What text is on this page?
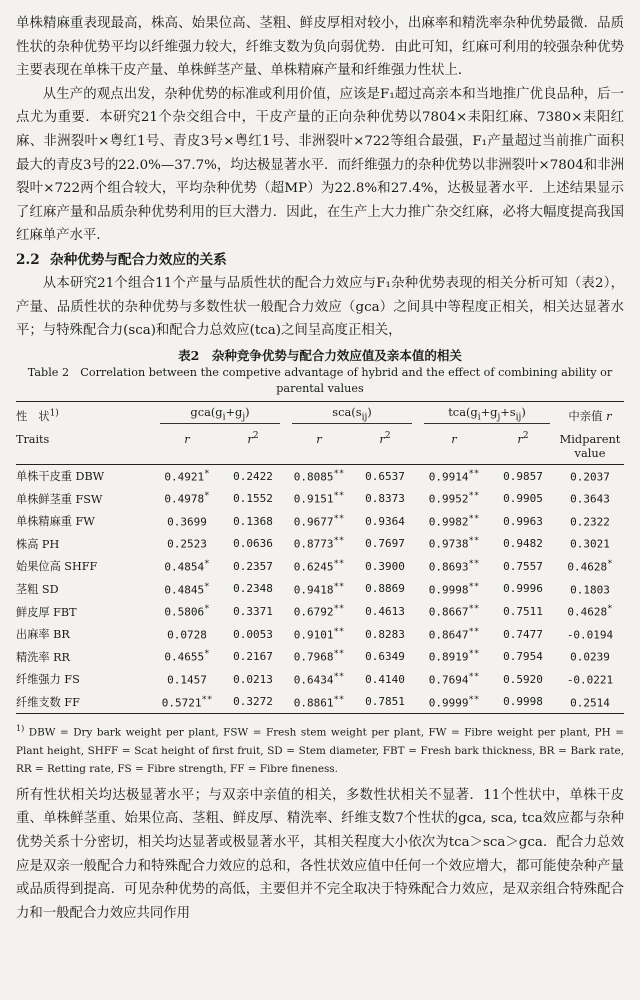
单株精麻重表现最高，株高、始果位高、茎粗、鲜皮厚相对较小，出麻率和精洗率杂种优势最微．品质性状的杂种优势平均以纤维强力较大，纤维支数为负向弱优势．由此可知，红麻可利用的较强杂种优势主要表现在单株干皮产量、单株鲜茎产量、单株精麻产量和纤维强力性状上．

从生产的观点出发，杂种优势的标准或利用价值，应该是F₁超过高亲本和当地推广优良品种，后一点尤为重要．本研究21个杂交组合中，干皮产量的正向杂种优势以7804×耒阳红麻、7380×耒阳红麻、非洲裂叶×粤红1号、青皮3号×粤红1号、非洲裂叶×722等组合最强，F₁产量超过当前推广面积最大的青皮3号的22.0%—37.7%，均达极显著水平．而纤维强力的杂种优势以非洲裂叶×7804和非洲裂叶×722两个组合较大，平均杂种优势（超MP）为22.8%和27.4%，达极显著水平．上述结果显示了红麻产量和品质杂种优势利用的巨大潜力．因此，在生产上大力推广杂交红麻，必将大幅度提高我国红麻单产水平．

2.2 杂种优势与配合力效应的关系

从本研究21个组合11个产量与品质性状的配合力效应与F₁杂种优势表现的相关分析可知（表2），产量、品质性状的杂种优势与多数性状一般配合力效应（gca）之间具中等程度正相关，相关达显著水平；与特殊配合力(sca)和配合力总效应(tca)之间呈高度正相关，

表2　杂种竞争优势与配合力效应值及亲本值的相关
Table 2　Correlation between the competive advantage of hybrid and the effect of combining ability or parental values
性　状$^{1)}$	$gca(g_i+g_j)$		$sca(s_{ij})$		$tca(g_i+g_j+s_{ij})$		中亲值 r
Traits	r	$r^2$	r	$r^2$	r	$r^2$	Midparent
							value
单株干皮重 DBW	0.4921*	0.2422	0.8085**	0.6537	0.9914**	0.9857	0.2037
单株鲜茎重 FSW	0.4978*	0.1552	0.9151**	0.8373	0.9952**	0.9905	0.3643
单株精麻重 FW	0.3699	0.1368	0.9677**	0.9364	0.9982**	0.9963	0.2322
株高 PH	0.2523	0.0636	0.8773**	0.7697	0.9738**	0.9482	0.3021
始果位高 SHFF	0.4854*	0.2357	0.6245**	0.3900	0.8693**	0.7557	0.4628*
茎粗 SD	0.4845*	0.2348	0.9418**	0.8869	0.9998**	0.9996	0.1803
鲜皮厚 FBT	0.5806*	0.3371	0.6792**	0.4613	0.8667**	0.7511	0.4628*
出麻率 BR	0.0728	0.0053	0.9101**	0.8283	0.8647**	0.7477	-0.0194
精洗率 RR	0.4655*	0.2167	0.7968**	0.6349	0.8919**	0.7954	0.0239
纤维强力 FS	0.1457	0.0213	0.6434**	0.4140	0.7694**	0.5920	-0.0221
纤维支数 FF	0.5721**	0.3272	0.8861**	0.7851	0.9999**	0.9998	0.2514
$^{1)}$ DBW = Dry bark weight per plant, FSW = Fresh stem weight per plant, FW = Fibre weight per plant, PH = Plant height, SHFF = Scat height of first fruit, SD = Stem diameter, FBT = Fresh bark thickness, BR = Bark rate, RR = Retting rate, FS = Fibre strength, FF = Fibre fineness.

所有性状相关均达极显著水平；与双亲中亲值的相关，多数性状相关不显著．11个性状中，单株干皮重、单株鲜茎重、始果位高、茎粗、鲜皮厚、精洗率、纤维支数7个性状的gca, sca, tca效应都与杂种优势关系十分密切，相关均达显著或极显著水平，其相关程度大小依次为tca＞sca＞gca．配合力总效应是双亲一般配合力和特殊配合力效应的总和，各性状效应值中任何一个效应增大，都可能使杂种产量或品质得到提高．可见杂种优势的高低，主要但并不完全取决于特殊配合力效应，是双亲组合特殊配合力和一般配合力效应共同作用
